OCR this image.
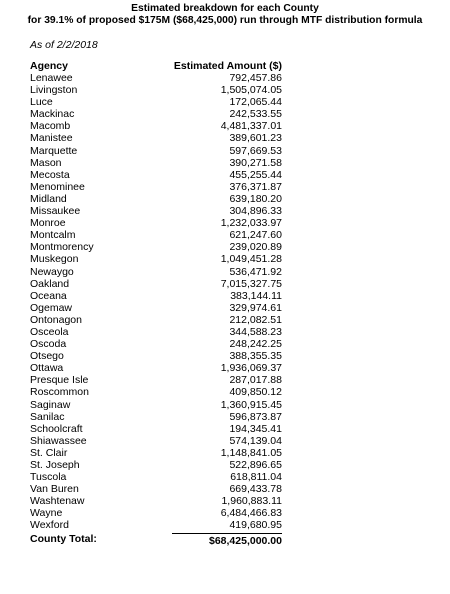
Estimated breakdown for each County
for 39.1% of proposed $175M ($68,425,000) run through MTF distribution formula
As of 2/2/2018
Agency	Estimated Amount ($)
Lenawee	792,457.86
Livingston	1,505,074.05
Luce	172,065.44
Mackinac	242,533.55
Macomb	4,481,337.01
Manistee	389,601.23
Marquette	597,669.53
Mason	390,271.58
Mecosta	455,255.44
Menominee	376,371.87
Midland	639,180.20
Missaukee	304,896.33
Monroe	1,232,033.97
Montcalm	621,247.60
Montmorency	239,020.89
Muskegon	1,049,451.28
Newaygo	536,471.92
Oakland	7,015,327.75
Oceana	383,144.11
Ogemaw	329,974.61
Ontonagon	212,082.51
Osceola	344,588.23
Oscoda	248,242.25
Otsego	388,355.35
Ottawa	1,936,069.37
Presque Isle	287,017.88
Roscommon	409,850.12
Saginaw	1,360,915.45
Sanilac	596,873.87
Schoolcraft	194,345.41
Shiawassee	574,139.04
St. Clair	1,148,841.05
St. Joseph	522,896.65
Tuscola	618,811.04
Van Buren	669,433.78
Washtenaw	1,960,883.11
Wayne	6,484,466.83
Wexford	419,680.95
County Total:	$68,425,000.00
